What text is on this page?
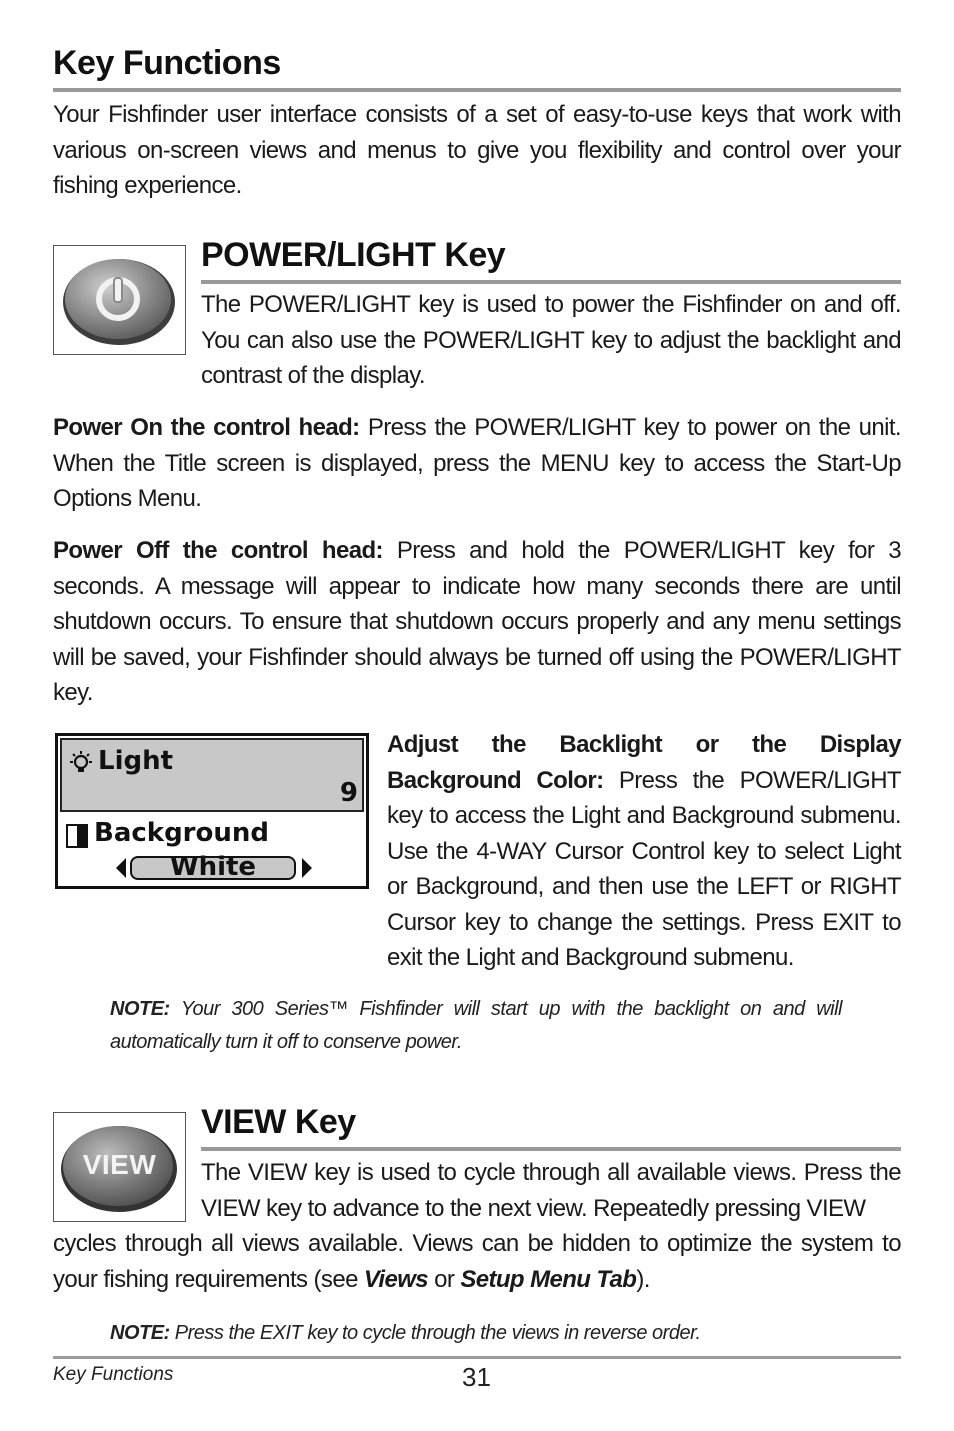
Key Functions

Your Fishfinder user interface consists of a set of easy-to-use keys that work with various on-screen views and menus to give you flexibility and control over your fishing experience.

POWER/LIGHT Key

The POWER/LIGHT key is used to power the Fishfinder on and off. You can also use the POWER/LIGHT key to adjust the backlight and contrast of the display.

Power On the control head: Press the POWER/LIGHT key to power on the unit. When the Title screen is displayed, press the MENU key to access the Start-Up Options Menu.

Power Off the control head: Press and hold the POWER/LIGHT key for 3 seconds. A message will appear to indicate how many seconds there are until shutdown occurs. To ensure that shutdown occurs properly and any menu settings will be saved, your Fishfinder should always be turned off using the POWER/LIGHT key.

Light
9
Background
White

Adjust the Backlight or the Display Background Color: Press the POWER/LIGHT key to access the Light and Background submenu. Use the 4-WAY Cursor Control key to select Light or Background, and then use the LEFT or RIGHT Cursor key to change the settings. Press EXIT to exit the Light and Background submenu.

NOTE: Your 300 Series™ Fishfinder will start up with the backlight on and will automatically turn it off to conserve power.

VIEW
VIEW Key

The VIEW key is used to cycle through all available views. Press the VIEW key to advance to the next view. Repeatedly pressing VIEW

cycles through all views available. Views can be hidden to optimize the system to your fishing requirements (see Views or Setup Menu Tab).

NOTE: Press the EXIT key to cycle through the views in reverse order.

Key Functions	31
